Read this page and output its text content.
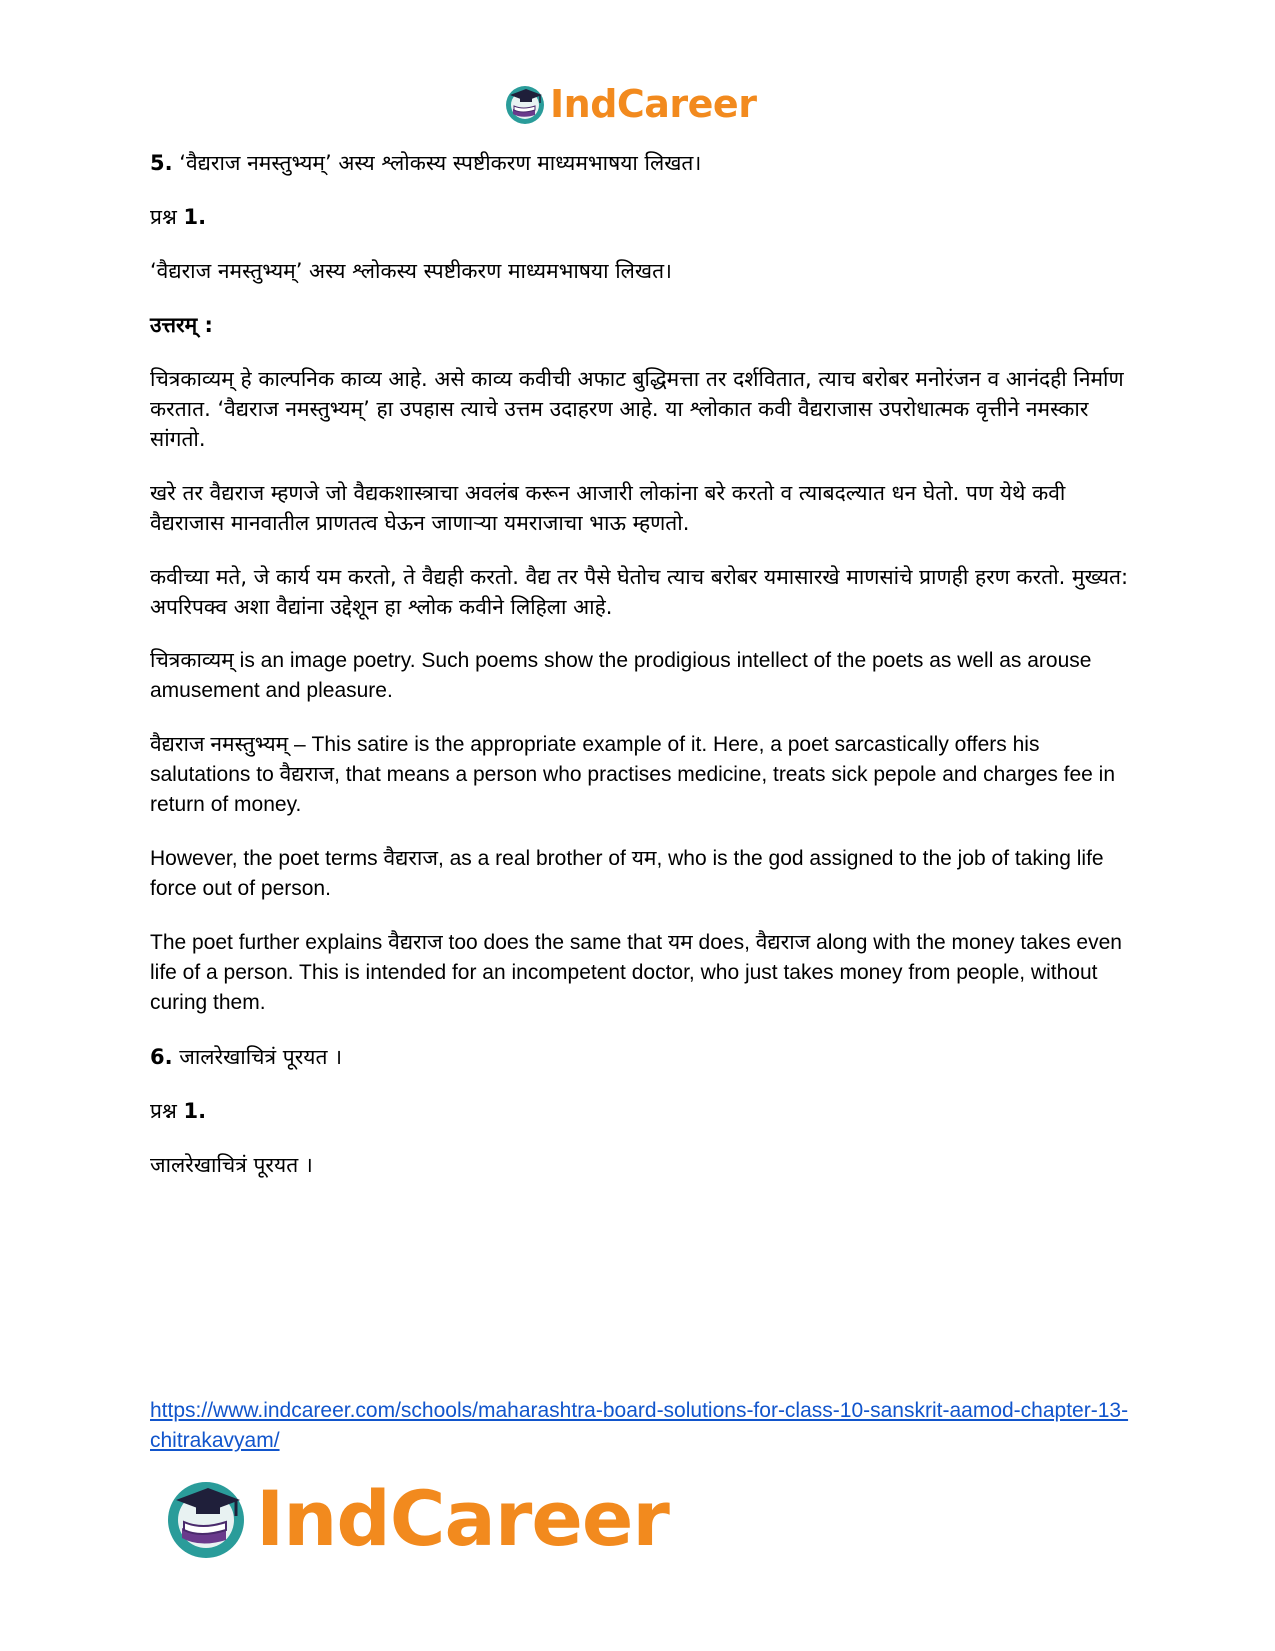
IndCareer

5. ‘वैद्यराज नमस्तुभ्यम्’ अस्य श्लोकस्य स्पष्टीकरण माध्यमभाषया लिखत।

प्रश्न 1.

‘वैद्यराज नमस्तुभ्यम्’ अस्य श्लोकस्य स्पष्टीकरण माध्यमभाषया लिखत।

उत्तरम् :

चित्रकाव्यम् हे काल्पनिक काव्य आहे. असे काव्य कवीची अफाट बुद्धिमत्ता तर दर्शवितात, त्याच बरोबर मनोरंजन व आनंदही निर्माण करतात. ‘वैद्यराज नमस्तुभ्यम्’ हा उपहास त्याचे उत्तम उदाहरण आहे. या श्लोकात कवी वैद्यराजास उपरोधात्मक वृत्तीने नमस्कार सांगतो.

खरे तर वैद्यराज म्हणजे जो वैद्यकशास्त्राचा अवलंब करून आजारी लोकांना बरे करतो व त्याबदल्यात धन घेतो. पण येथे कवी वैद्यराजास मानवातील प्राणतत्व घेऊन जाणाऱ्या यमराजाचा भाऊ म्हणतो.

कवीच्या मते, जे कार्य यम करतो, ते वैद्यही करतो. वैद्य तर पैसे घेतोच त्याच बरोबर यमासारखे माणसांचे प्राणही हरण करतो. मुख्यत: अपरिपक्व अशा वैद्यांना उद्देशून हा श्लोक कवीने लिहिला आहे.

चित्रकाव्यम् is an image poetry. Such poems show the prodigious intellect of the poets as well as arouse amusement and pleasure.

वैद्यराज नमस्तुभ्यम् – This satire is the appropriate example of it. Here, a poet sarcastically offers his salutations to वैद्यराज, that means a person who practises medicine, treats sick pepole and charges fee in return of money.

However, the poet terms वैद्यराज, as a real brother of यम, who is the god assigned to the job of taking life force out of person.

The poet further explains वैद्यराज too does the same that यम does, वैद्यराज along with the money takes even life of a person. This is intended for an incompetent doctor, who just takes money from people, without curing them.

6. जालरेखाचित्रं पूरयत ।

प्रश्न 1.

जालरेखाचित्रं पूरयत ।

https://www.indcareer.com/schools/maharashtra-board-solutions-for-class-10-sanskrit-aamod-chapter-13-chitrakavyam/
IndCareer
